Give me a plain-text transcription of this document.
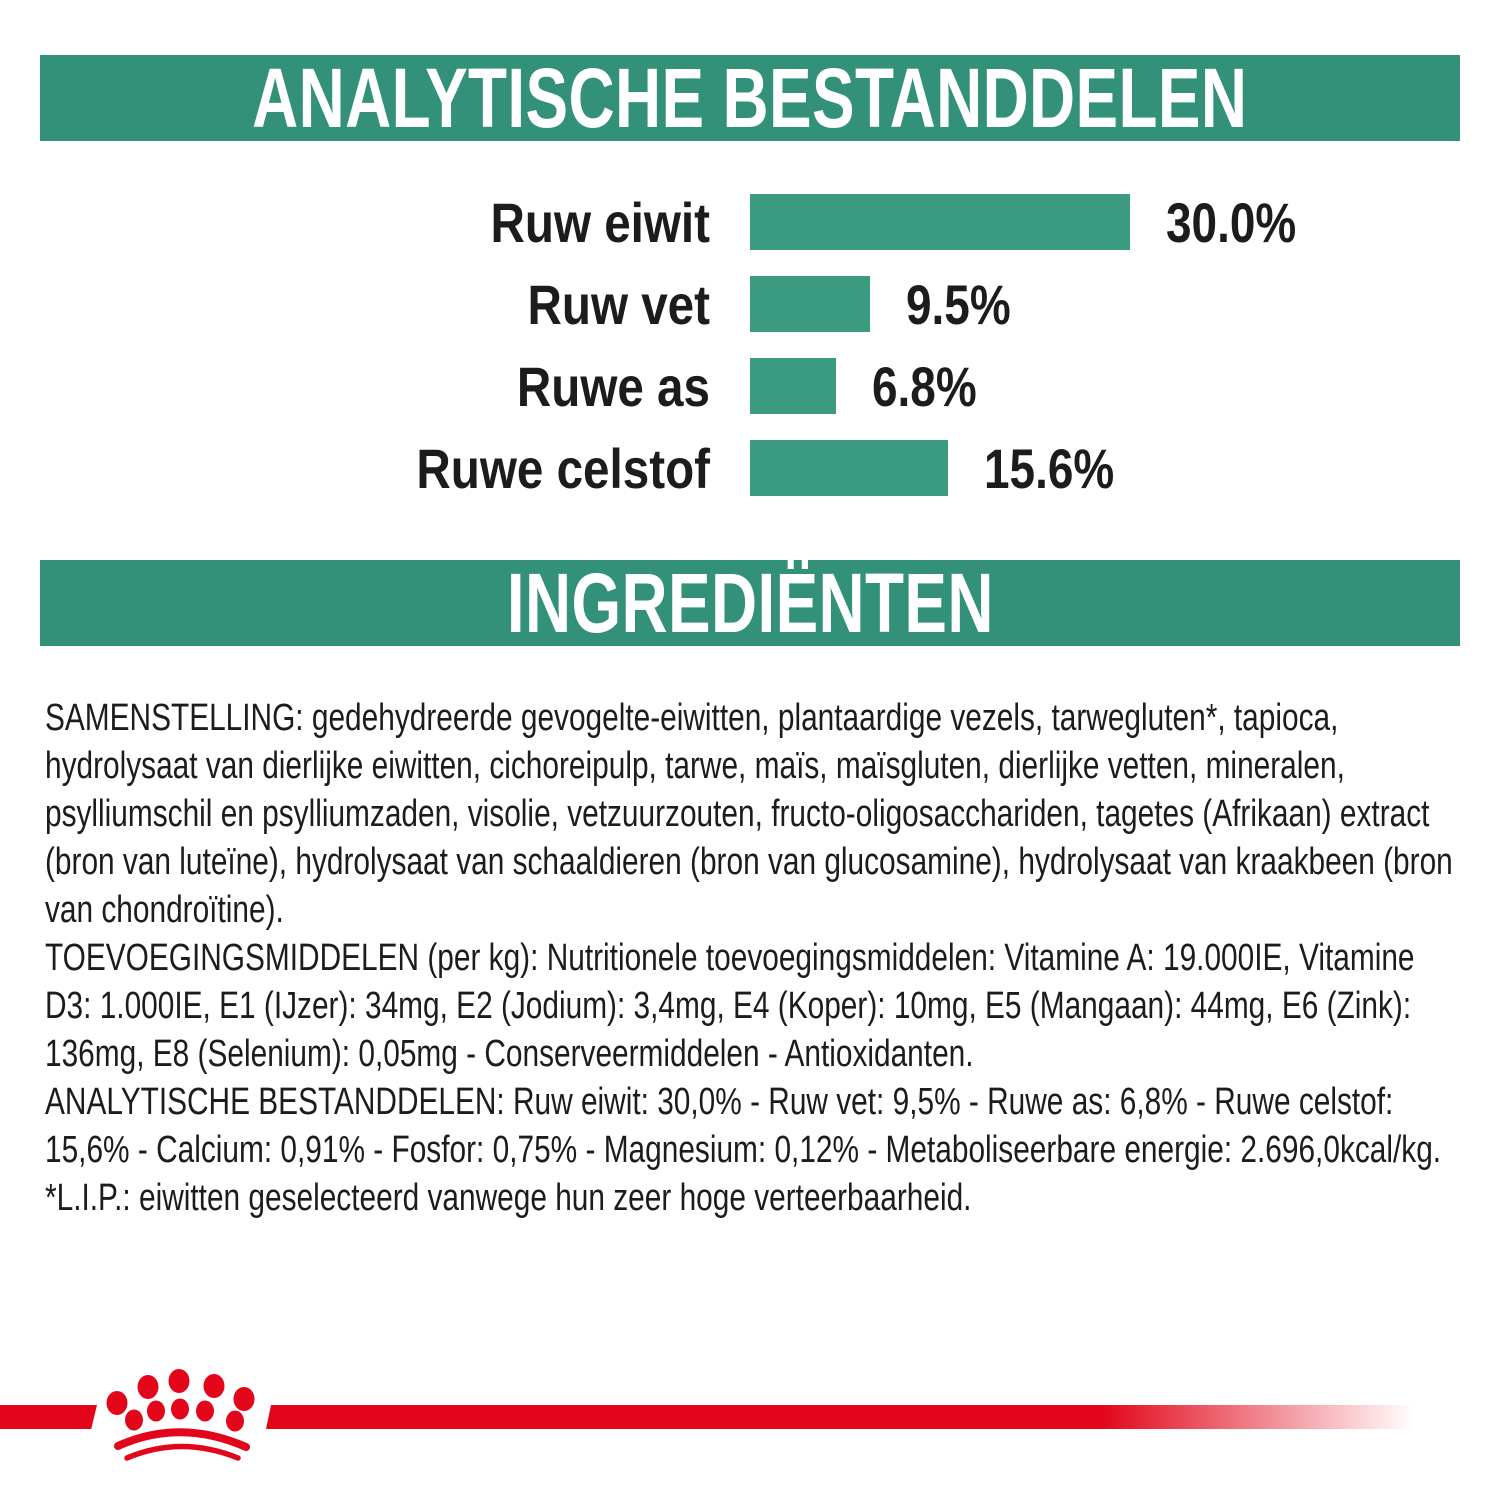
ANALYTISCHE BESTANDDELEN
Ruw eiwit	30.0%
Ruw vet	9.5%
Ruwe as	6.8%
Ruwe celstof	15.6%
INGREDIËNTEN

SAMENSTELLING: gedehydreerde gevogelte-eiwitten, plantaardige vezels, tarwegluten*, tapioca, hydrolysaat van dierlijke eiwitten, cichoreipulp, tarwe, maïs, maïsgluten, dierlijke vetten, mineralen, psylliumschil en psylliumzaden, visolie, vetzuurzouten, fructo-oligosacchariden, tagetes (Afrikaan) extract (bron van luteïne), hydrolysaat van schaaldieren (bron van glucosamine), hydrolysaat van kraakbeen (bron van chondroïtine).

TOEVOEGINGSMIDDELEN (per kg): Nutritionele toevoegingsmiddelen: Vitamine A: 19.000IE, Vitamine D3: 1.000IE, E1 (IJzer): 34mg, E2 (Jodium): 3,4mg, E4 (Koper): 10mg, E5 (Mangaan): 44mg, E6 (Zink): 136mg, E8 (Selenium): 0,05mg - Conserveermiddelen - Antioxidanten.

ANALYTISCHE BESTANDDELEN: Ruw eiwit: 30,0% - Ruw vet: 9,5% - Ruwe as: 6,8% - Ruwe celstof: 15,6% - Calcium: 0,91% - Fosfor: 0,75% - Magnesium: 0,12% - Metaboliseerbare energie: 2.696,0kcal/kg.

*L.I.P.: eiwitten geselecteerd vanwege hun zeer hoge verteerbaarheid.
